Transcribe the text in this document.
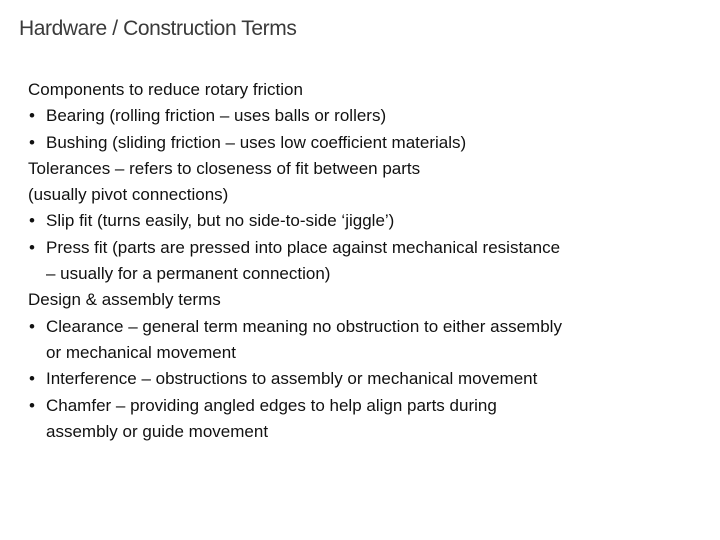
Hardware / Construction Terms

Components to reduce rotary friction

• Bearing (rolling friction – uses balls or rollers)

• Bushing (sliding friction – uses low coefficient materials)

Tolerances – refers to closeness of fit between parts

(usually pivot connections)

• Slip fit (turns easily, but no side-to-side ‘jiggle’)

• Press fit (parts are pressed into place against mechanical resistance
– usually for a permanent connection)

Design & assembly terms

• Clearance – general term meaning no obstruction to either assembly
or mechanical movement

• Interference – obstructions to assembly or mechanical movement

• Chamfer – providing angled edges to help align parts during
assembly or guide movement
